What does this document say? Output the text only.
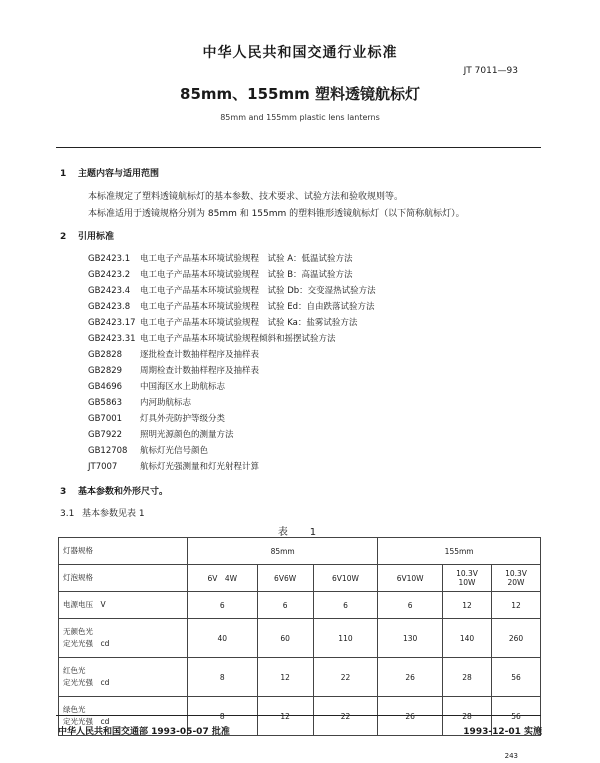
中华人民共和国交通行业标准
JT 7011—93
85mm、155mm 塑料透镜航标灯
85mm and 155mm plastic lens lanterns
1 主题内容与适用范围
本标准规定了塑料透镜航标灯的基本参数、技术要求、试验方法和验收规则等。
本标准适用于透镜规格分别为 85mm 和 155mm 的塑料锥形透镜航标灯（以下简称航标灯）。
2 引用标准
GB2423.1 电工电子产品基本环境试验规程　试验 A：低温试验方法
GB2423.2 电工电子产品基本环境试验规程　试验 B：高温试验方法
GB2423.4 电工电子产品基本环境试验规程　试验 Db：交变湿热试验方法
GB2423.8 电工电子产品基本环境试验规程　试验 Ed：自由跌落试验方法
GB2423.17 电工电子产品基本环境试验规程　试验 Ka：盐雾试验方法
GB2423.31 电工电子产品基本环境试验规程倾斜和摇摆试验方法
GB2828 逐批检查计数抽样程序及抽样表
GB2829 周期检查计数抽样程序及抽样表
GB4696 中国海区水上助航标志
GB5863 内河助航标志
GB7001 灯具外壳防护等级分类
GB7922 照明光源颜色的测量方法
GB12708 航标灯光信号颜色
JT7007	航标灯光强测量和灯光射程计算
3 基本参数和外形尺寸。
3.1 基本参数见表 1
表　1
灯器规格	85mm			155mm		
灯泡规格	6V　4W	6V6W	6V10W	6V10W	10.3V 10W	10.3V 20W
电源电压　V	6	6	6	6	12	12

无颜色光
定光光强　cd	40	60	110	130	140	260

红色光
定光光强　cd	8	12	22	26	28	56

绿色光
定光光强　cd	8	12	22	26	28	56
中华人民共和国交通部 1993-05-07 批准	1993-12-01 实施
243
